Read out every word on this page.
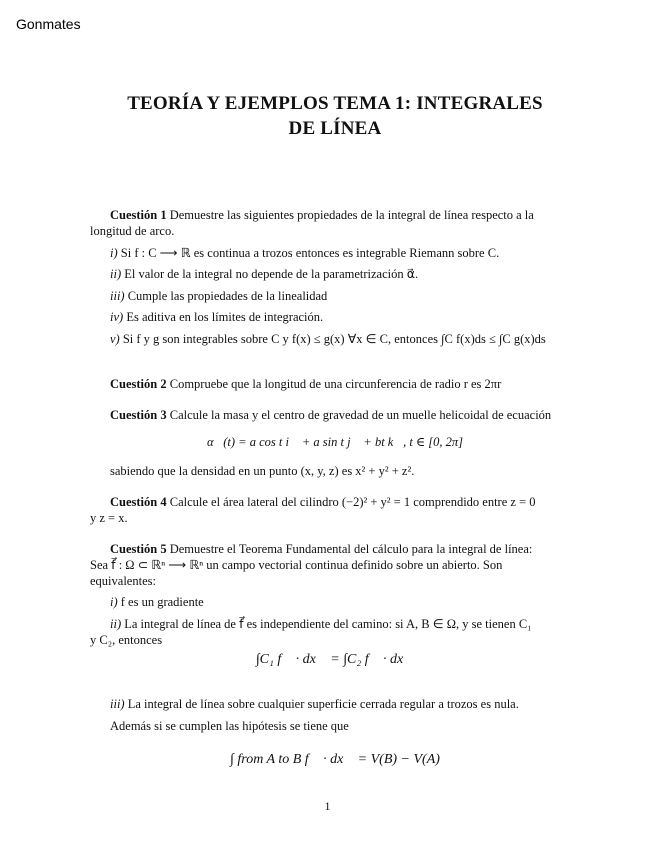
Gonmates
TEORÍA Y EJEMPLOS TEMA 1: INTEGRALES
DE LÍNEA
Cuestión 1 Demuestre las siguientes propiedades de la integral de línea respecto a la
longitud de arco.
i) Si f : C ⟶ ℝ es continua a trozos entonces es integrable Riemann sobre C.
ii) El valor de la integral no depende de la parametrización α⃗.
iii) Cumple las propiedades de la linealidad
iv) Es aditiva en los límites de integración.
v) Si f y g son integrables sobre C y f(x) ≤ g(x) ∀x ∈ C, entonces ∫C f(x)ds ≤ ∫C g(x)ds
Cuestión 2 Compruebe que la longitud de una circunferencia de radio r es 2πr
Cuestión 3 Calcule la masa y el centro de gravedad de un muelle helicoidal de ecuación
α⃗(t) = a cos t i⃗ + a sin t j⃗ + bt k⃗, t ∈ [0, 2π]
sabiendo que la densidad en un punto (x, y, z) es x² + y² + z².
Cuestión 4 Calcule el área lateral del cilindro (−2)² + y² = 1 comprendido entre z = 0
y z = x.
Cuestión 5 Demuestre el Teorema Fundamental del cálculo para la integral de línea:
Sea f⃗ : Ω ⊂ ℝⁿ ⟶ ℝⁿ un campo vectorial continua definido sobre un abierto. Son
equivalentes:
i) f es un gradiente
ii) La integral de línea de f⃗ es independiente del camino: si A, B ∈ Ω, y se tienen C₁
y C₂, entonces
∫C₁ f⃗ · dx⃗ = ∫C₂ f⃗ · dx⃗
iii) La integral de línea sobre cualquier superficie cerrada regular a trozos es nula.
Además si se cumplen las hipótesis se tiene que
∫ from A to B f⃗ · dx⃗ = V(B) − V(A)
1
